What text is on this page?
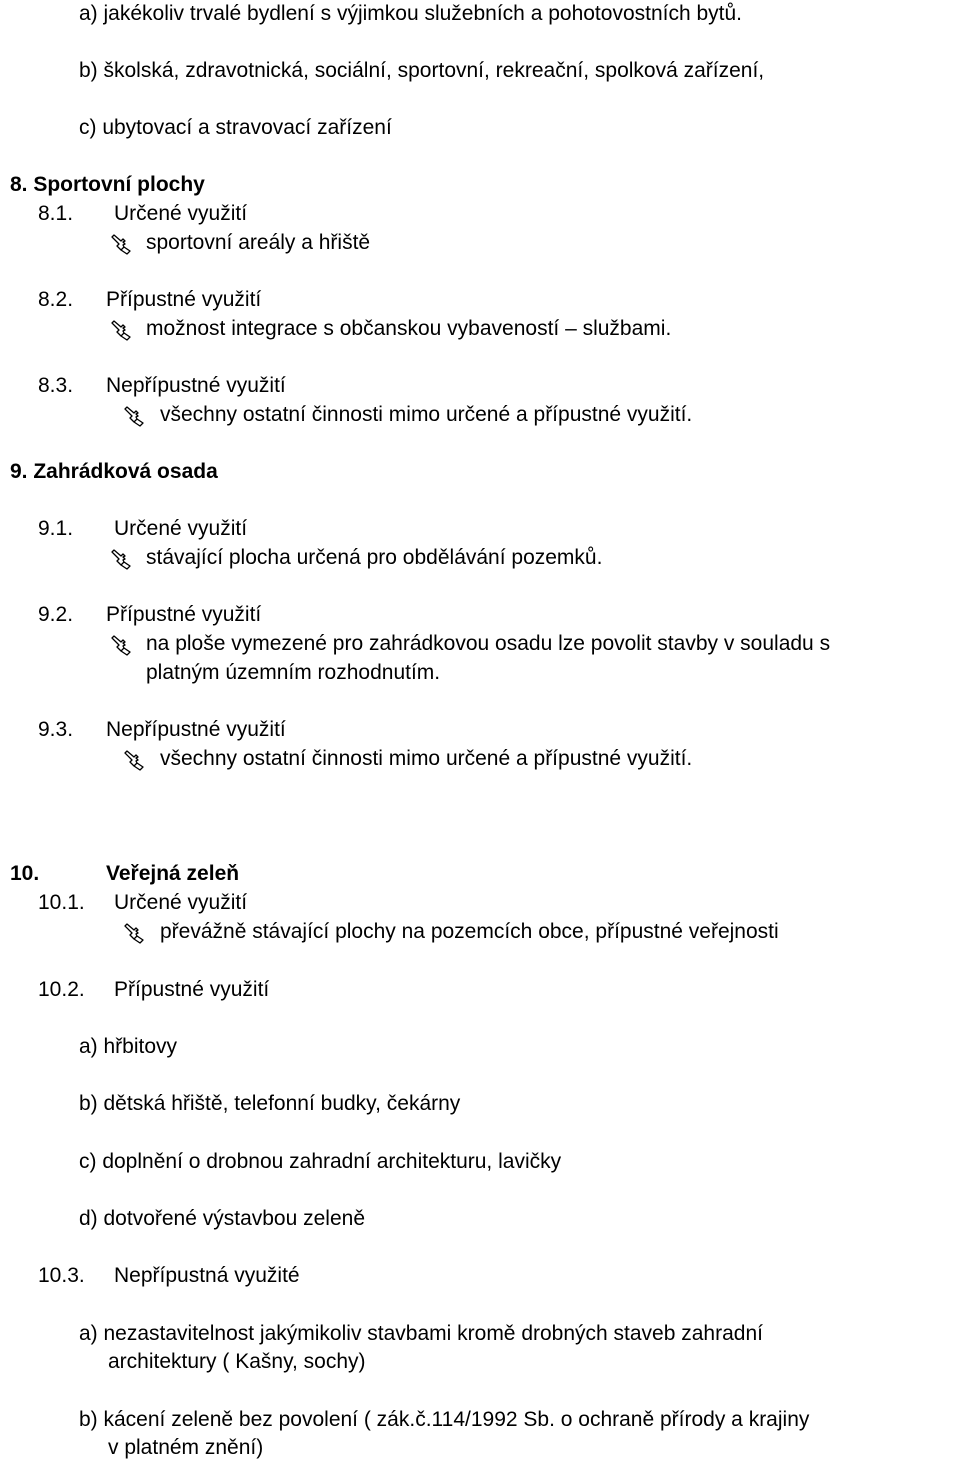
a) jakékoliv trvalé bydlení s výjimkou služebních a pohotovostních bytů.
b) školská, zdravotnická, sociální, sportovní, rekreační, spolková zařízení,
c) ubytovací a stravovací zařízení
8. Sportovní plochy
8.1. Určené využití
sportovní areály a hřiště
8.2. Přípustné využití
možnost integrace s občanskou vybaveností – službami.
8.3. Nepřípustné využití
všechny ostatní činnosti mimo určené a přípustné využití.
9. Zahrádková osada
9.1. Určené využití
stávající plocha určená pro obdělávání pozemků.
9.2. Přípustné využití
na ploše vymezené pro zahrádkovou osadu lze povolit stavby v souladu s
platným územním rozhodnutím.
9.3. Nepřípustné využití
všechny ostatní činnosti mimo určené a přípustné využití.
10.	Veřejná zeleň
10.1. Určené využití
převážně stávající plochy na pozemcích obce, přípustné veřejnosti
10.2. Přípustné využití
a) hřbitovy
b) dětská hřiště, telefonní budky, čekárny
c) doplnění o drobnou zahradní architekturu, lavičky
d) dotvořené výstavbou zeleně
10.3. Nepřípustná využité
a) nezastavitelnost jakýmikoliv stavbami kromě drobných staveb zahradní
architektury ( Kašny, sochy)
b) kácení zeleně bez povolení ( zák.č.114/1992 Sb. o ochraně přírody a krajiny
v platném znění)
